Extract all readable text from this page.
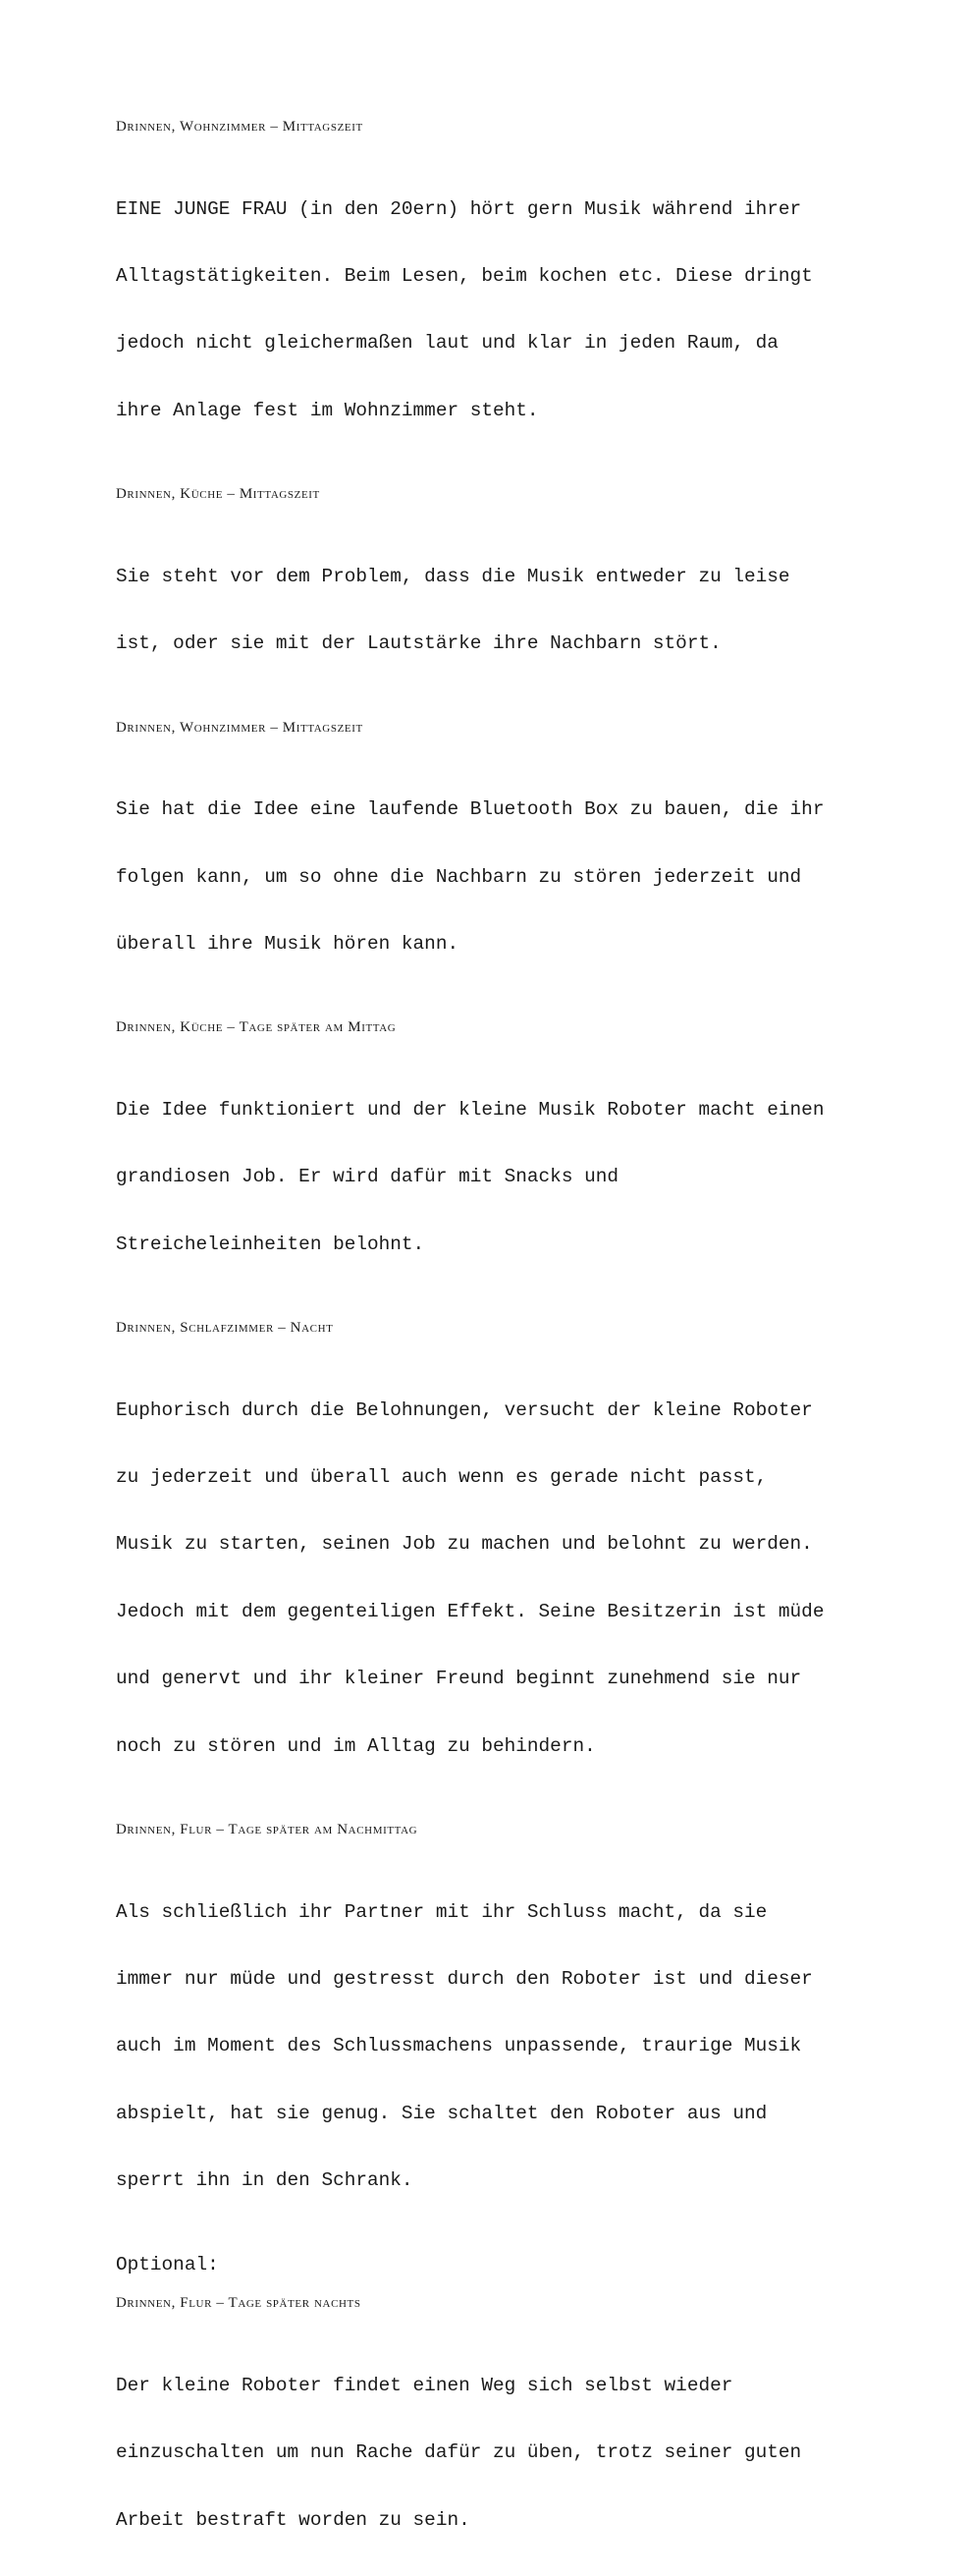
Drinnen, Wohnzimmer – Mittagszeit

EINE JUNGE FRAU (in den 20ern) hört gern Musik während ihrer

Alltagstätigkeiten. Beim Lesen, beim kochen etc. Diese dringt

jedoch nicht gleichermaßen laut und klar in jeden Raum, da

ihre Anlage fest im Wohnzimmer steht.

Drinnen, Küche – Mittagszeit

Sie steht vor dem Problem, dass die Musik entweder zu leise

ist, oder sie mit der Lautstärke ihre Nachbarn stört.

Drinnen, Wohnzimmer – Mittagszeit

Sie hat die Idee eine laufende Bluetooth Box zu bauen, die ihr

folgen kann, um so ohne die Nachbarn zu stören jederzeit und

überall ihre Musik hören kann.

Drinnen, Küche – Tage später am Mittag

Die Idee funktioniert und der kleine Musik Roboter macht einen

grandiosen Job. Er wird dafür mit Snacks und

Streicheleinheiten belohnt.

Drinnen, Schlafzimmer – Nacht

Euphorisch durch die Belohnungen, versucht der kleine Roboter

zu jederzeit und überall auch wenn es gerade nicht passt,

Musik zu starten, seinen Job zu machen und belohnt zu werden.

Jedoch mit dem gegenteiligen Effekt. Seine Besitzerin ist müde

und genervt und ihr kleiner Freund beginnt zunehmend sie nur

noch zu stören und im Alltag zu behindern.

Drinnen, Flur – Tage später am Nachmittag

Als schließlich ihr Partner mit ihr Schluss macht, da sie

immer nur müde und gestresst durch den Roboter ist und dieser

auch im Moment des Schlussmachens unpassende, traurige Musik

abspielt, hat sie genug. Sie schaltet den Roboter aus und

sperrt ihn in den Schrank.

Optional:
Drinnen, Flur – Tage später nachts

Der kleine Roboter findet einen Weg sich selbst wieder

einzuschalten um nun Rache dafür zu üben, trotz seiner guten

Arbeit bestraft worden zu sein.
